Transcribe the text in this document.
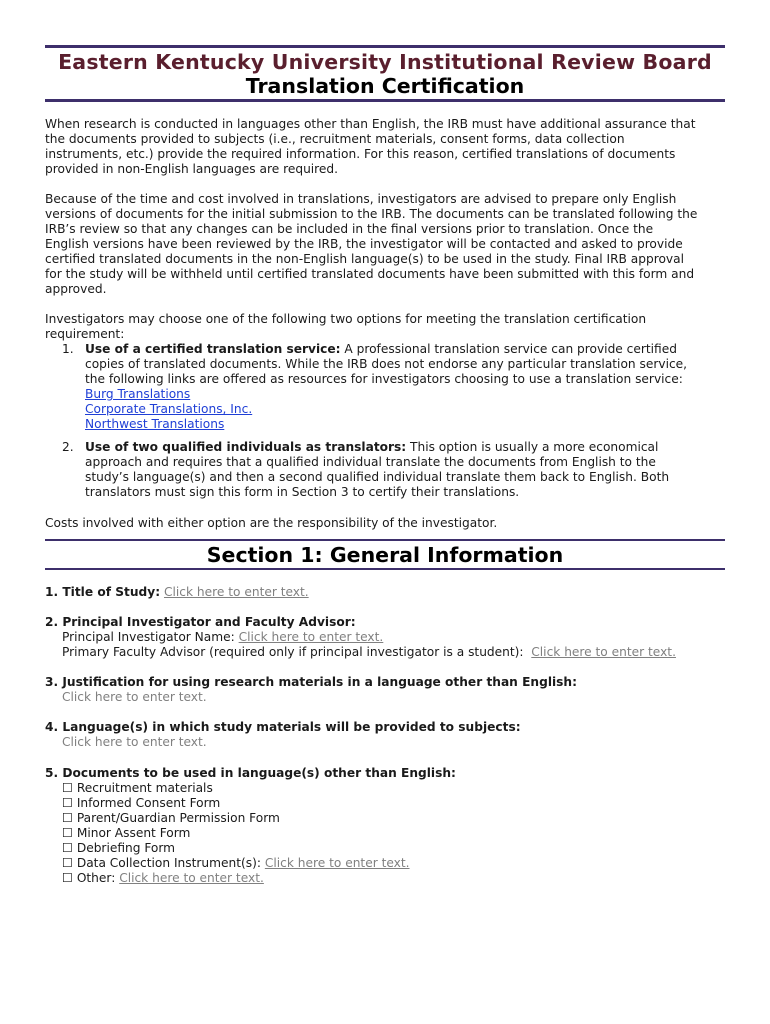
Eastern Kentucky University Institutional Review Board
Translation Certification
When research is conducted in languages other than English, the IRB must have additional assurance that
the documents provided to subjects (i.e., recruitment materials, consent forms, data collection
instruments, etc.) provide the required information. For this reason, certified translations of documents
provided in non-English languages are required.
Because of the time and cost involved in translations, investigators are advised to prepare only English
versions of documents for the initial submission to the IRB. The documents can be translated following the
IRB’s review so that any changes can be included in the final versions prior to translation. Once the
English versions have been reviewed by the IRB, the investigator will be contacted and asked to provide
certified translated documents in the non-English language(s) to be used in the study. Final IRB approval
for the study will be withheld until certified translated documents have been submitted with this form and
approved.
Investigators may choose one of the following two options for meeting the translation certification
requirement:
1. Use of a certified translation service: A professional translation service can provide certified
copies of translated documents. While the IRB does not endorse any particular translation service,
the following links are offered as resources for investigators choosing to use a translation service:
Burg Translations
Corporate Translations, Inc.
Northwest Translations
2. Use of two qualified individuals as translators: This option is usually a more economical
approach and requires that a qualified individual translate the documents from English to the
study’s language(s) and then a second qualified individual translate them back to English. Both
translators must sign this form in Section 3 to certify their translations.
Costs involved with either option are the responsibility of the investigator.
Section 1: General Information
1. Title of Study: Click here to enter text.
2. Principal Investigator and Faculty Advisor:
Principal Investigator Name: Click here to enter text.
Primary Faculty Advisor (required only if principal investigator is a student): Click here to enter text.
3. Justification for using research materials in a language other than English:
Click here to enter text.
4. Language(s) in which study materials will be provided to subjects:
Click here to enter text.
5. Documents to be used in language(s) other than English:
☐ Recruitment materials
☐ Informed Consent Form
☐ Parent/Guardian Permission Form
☐ Minor Assent Form
☐ Debriefing Form
☐ Data Collection Instrument(s): Click here to enter text.
☐ Other: Click here to enter text.
